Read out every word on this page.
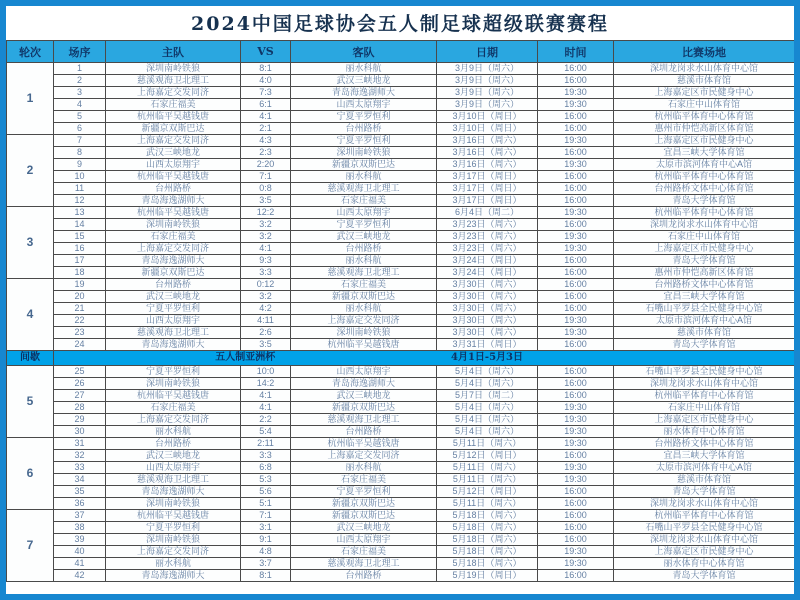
2024中国足球协会五人制足球超级联赛赛程
轮次	场序	主队	VS	客队	日期	时间	比赛场地
1	1	深圳南岭铁狼	8:1	丽水科航	3月9日（周六）	16:00	深圳龙岗求水山体育中心馆
	2	慈溪观海卫北理工	4:0	武汉三峡地龙	3月9日（周六）	16:00	慈溪市体育馆
	3	上海嘉定交发同济	7:3	青岛海逸湖师大	3月9日（周六）	19:30	上海嘉定区市民健身中心
	4	石家庄福美	6:1	山西太原翔宇	3月9日（周六）	19:30	石家庄中山体育馆
	5	杭州临平吴越钱唐	4:1	宁夏平罗恒利	3月10日（周日）	16:00	杭州临平体育中心体育馆
	6	新疆京双斯巴达	2:1	台州路桥	3月10日（周日）	16:00	惠州市仲恺高新区体育馆
2	7	上海嘉定交发同济	4:3	宁夏平罗恒利	3月16日（周六）	19:30	上海嘉定区市民健身中心
	8	武汉三峡地龙	2:3	深圳南岭铁狼	3月16日（周六）	16:00	宜昌三峡大学体育馆
	9	山西太原翔宇	2:20	新疆京双斯巴达	3月16日（周六）	19:30	太原市滨河体育中心A馆
	10	杭州临平吴越钱唐	7:1	丽水科航	3月17日（周日）	16:00	杭州临平体育中心体育馆
	11	台州路桥	0:8	慈溪观海卫北理工	3月17日（周日）	16:00	台州路桥文体中心体育馆
	12	青岛海逸湖师大	3:5	石家庄福美	3月17日（周日）	16:00	青岛大学体育馆
3	13	杭州临平吴越钱唐	12:2	山西太原翔宇	6月4日（周二）	19:30	杭州临平体育中心体育馆
	14	深圳南岭铁狼	3:2	宁夏平罗恒利	3月23日（周六）	16:00	深圳龙岗求水山体育中心馆
	15	石家庄福美	3:2	武汉三峡地龙	3月23日（周六）	19:30	石家庄中山体育馆
	16	上海嘉定交发同济	4:1	台州路桥	3月23日（周六）	19:30	上海嘉定区市民健身中心
	17	青岛海逸湖师大	9:3	丽水科航	3月24日（周日）	16:00	青岛大学体育馆
	18	新疆京双斯巴达	3:3	慈溪观海卫北理工	3月24日（周日）	16:00	惠州市仲恺高新区体育馆
4	19	台州路桥	0:12	石家庄福美	3月30日（周六）	16:00	台州路桥文体中心体育馆
	20	武汉三峡地龙	3:2	新疆京双斯巴达	3月30日（周六）	16:00	宜昌三峡大学体育馆
	21	宁夏平罗恒利	4:2	丽水科航	3月30日（周六）	16:00	石嘴山平罗县全民健身中心馆
	22	山西太原翔宇	4:11	上海嘉定交发同济	3月30日（周六）	19:30	太原市滨河体育中心A馆
	23	慈溪观海卫北理工	2:6	深圳南岭铁狼	3月30日（周六）	19:30	慈溪市体育馆
	24	青岛海逸湖师大	3:5	杭州临平吴越钱唐	3月31日（周日）	16:00	青岛大学体育馆
间歇	五人制亚洲杯				4月1日-5月3日		
5	25	宁夏平罗恒利	10:0	山西太原翔宇	5月4日（周六）	16:00	石嘴山平罗县全民健身中心馆
	26	深圳南岭铁狼	14:2	青岛海逸湖师大	5月4日（周六）	16:00	深圳龙岗求水山体育中心馆
	27	杭州临平吴越钱唐	4:1	武汉三峡地龙	5月7日（周二）	16:00	杭州临平体育中心体育馆
	28	石家庄福美	4:1	新疆京双斯巴达	5月4日（周六）	19:30	石家庄中山体育馆
	29	上海嘉定交发同济	2:2	慈溪观海卫北理工	5月4日（周六）	19:30	上海嘉定区市民健身中心
	30	丽水科航	5:4	台州路桥	5月4日（周六）	19:30	丽水体育中心体育馆
6	31	台州路桥	2:11	杭州临平吴越钱唐	5月11日（周六）	19:30	台州路桥文体中心体育馆
	32	武汉三峡地龙	3:3	上海嘉定交发同济	5月12日（周日）	16:00	宜昌三峡大学体育馆
	33	山西太原翔宇	6:8	丽水科航	5月11日（周六）	19:30	太原市滨河体育中心A馆
	34	慈溪观海卫北理工	5:3	石家庄福美	5月11日（周六）	19:30	慈溪市体育馆
	35	青岛海逸湖师大	5:6	宁夏平罗恒利	5月12日（周日）	16:00	青岛大学体育馆
	36	深圳南岭铁狼	5:1	新疆京双斯巴达	5月11日（周六）	16:00	深圳龙岗求水山体育中心馆
7	37	杭州临平吴越钱唐	7:1	新疆京双斯巴达	5月18日（周六）	16:00	杭州临平体育中心体育馆
	38	宁夏平罗恒利	3:1	武汉三峡地龙	5月18日（周六）	16:00	石嘴山平罗县全民健身中心馆
	39	深圳南岭铁狼	9:1	山西太原翔宇	5月18日（周六）	16:00	深圳龙岗求水山体育中心馆
	40	上海嘉定交发同济	4:8	石家庄福美	5月18日（周六）	19:30	上海嘉定区市民健身中心
	41	丽水科航	3:7	慈溪观海卫北理工	5月18日（周六）	19:30	丽水体育中心体育馆
	42	青岛海逸湖师大	8:1	台州路桥	5月19日（周日）	16:00	青岛大学体育馆
